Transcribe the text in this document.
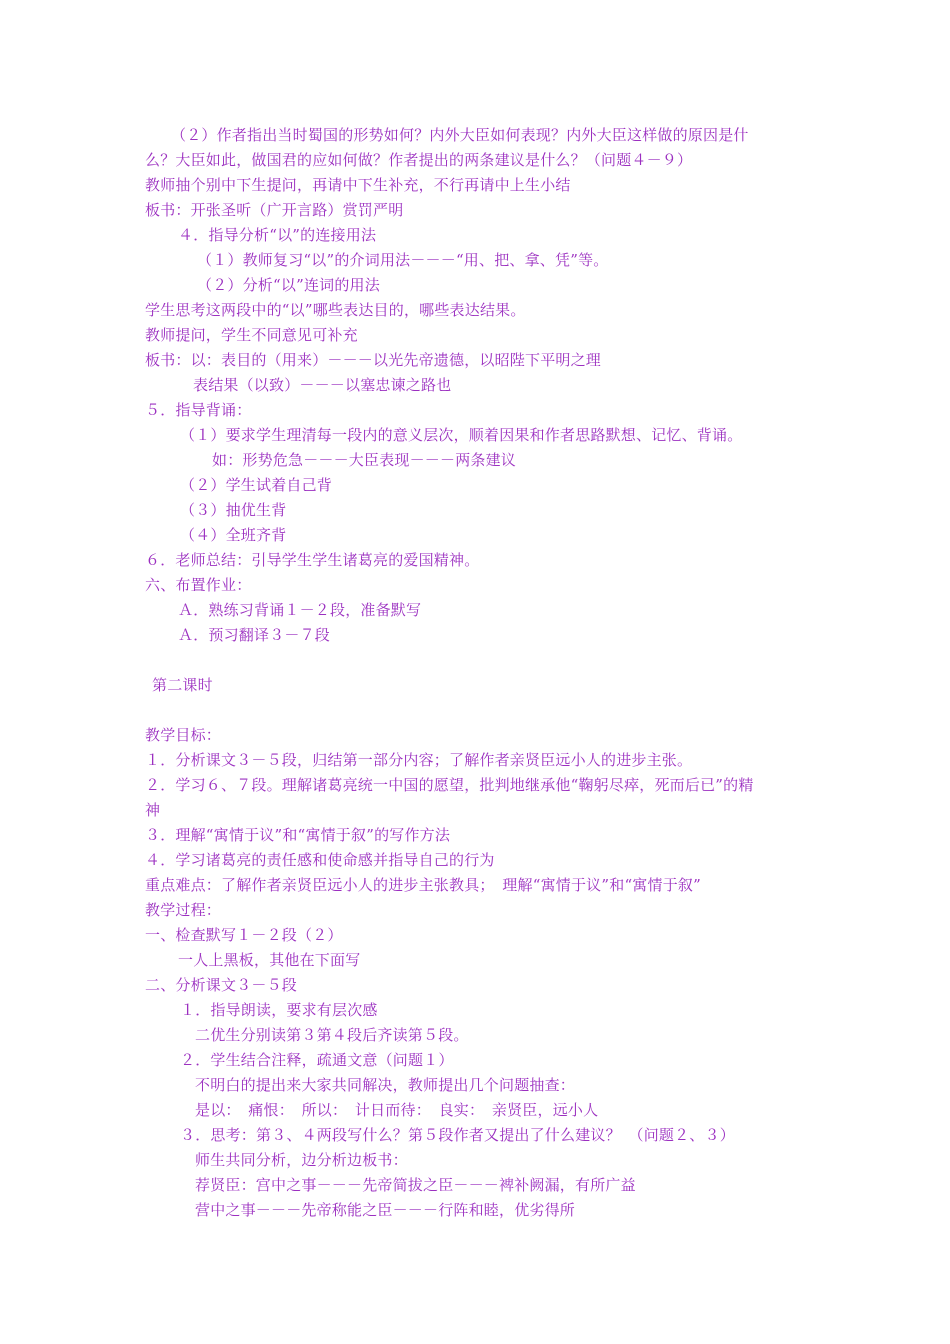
（２）作者指出当时蜀国的形势如何？内外大臣如何表现？内外大臣这样做的原因是什
么？大臣如此，做国君的应如何做？作者提出的两条建议是什么？（问题４－９）
教师抽个别中下生提问，再请中下生补充，不行再请中上生小结
板书：开张圣听（广开言路）赏罚严明
４．指导分析“以”的连接用法
（１）教师复习“以”的介词用法－－－“用、把、拿、凭”等。
（２）分析“以”连词的用法
学生思考这两段中的“以”哪些表达目的，哪些表达结果。
教师提问，学生不同意见可补充
板书：以：表目的（用来）－－－以光先帝遗德，以昭陛下平明之理
表结果（以致）－－－以塞忠谏之路也
５．指导背诵：
（１）要求学生理清每一段内的意义层次，顺着因果和作者思路默想、记忆、背诵。
如：形势危急－－－大臣表现－－－两条建议
（２）学生试着自己背
（３）抽优生背
（４）全班齐背
６．老师总结：引导学生学生诸葛亮的爱国精神。
六、布置作业：
Ａ．熟练习背诵１－２段，准备默写
Ａ．预习翻译３－７段
第二课时
教学目标：
１．分析课文３－５段，归结第一部分内容；了解作者亲贤臣远小人的进步主张。
２．学习６、７段。理解诸葛亮统一中国的愿望，批判地继承他“鞠躬尽瘁，死而后已”的精
神
３．理解“寓情于议”和“寓情于叙”的写作方法
４．学习诸葛亮的责任感和使命感并指导自己的行为
重点难点：了解作者亲贤臣远小人的进步主张教具；　理解“寓情于议”和“寓情于叙”
教学过程：
一、检查默写１－２段（２）
一人上黑板，其他在下面写
二、分析课文３－５段
１．指导朗读，要求有层次感
二优生分别读第３第４段后齐读第５段。
２．学生结合注释，疏通文意（问题１）
不明白的提出来大家共同解决，教师提出几个问题抽查：
是以：　痛恨：　所以：　计日而待：　良实：　亲贤臣，远小人
３．思考：第３、４两段写什么？第５段作者又提出了什么建议？　（问题２、３）
师生共同分析，边分析边板书：
荐贤臣：宫中之事－－－先帝简拔之臣－－－裨补阙漏，有所广益
营中之事－－－先帝称能之臣－－－行阵和睦，优劣得所
